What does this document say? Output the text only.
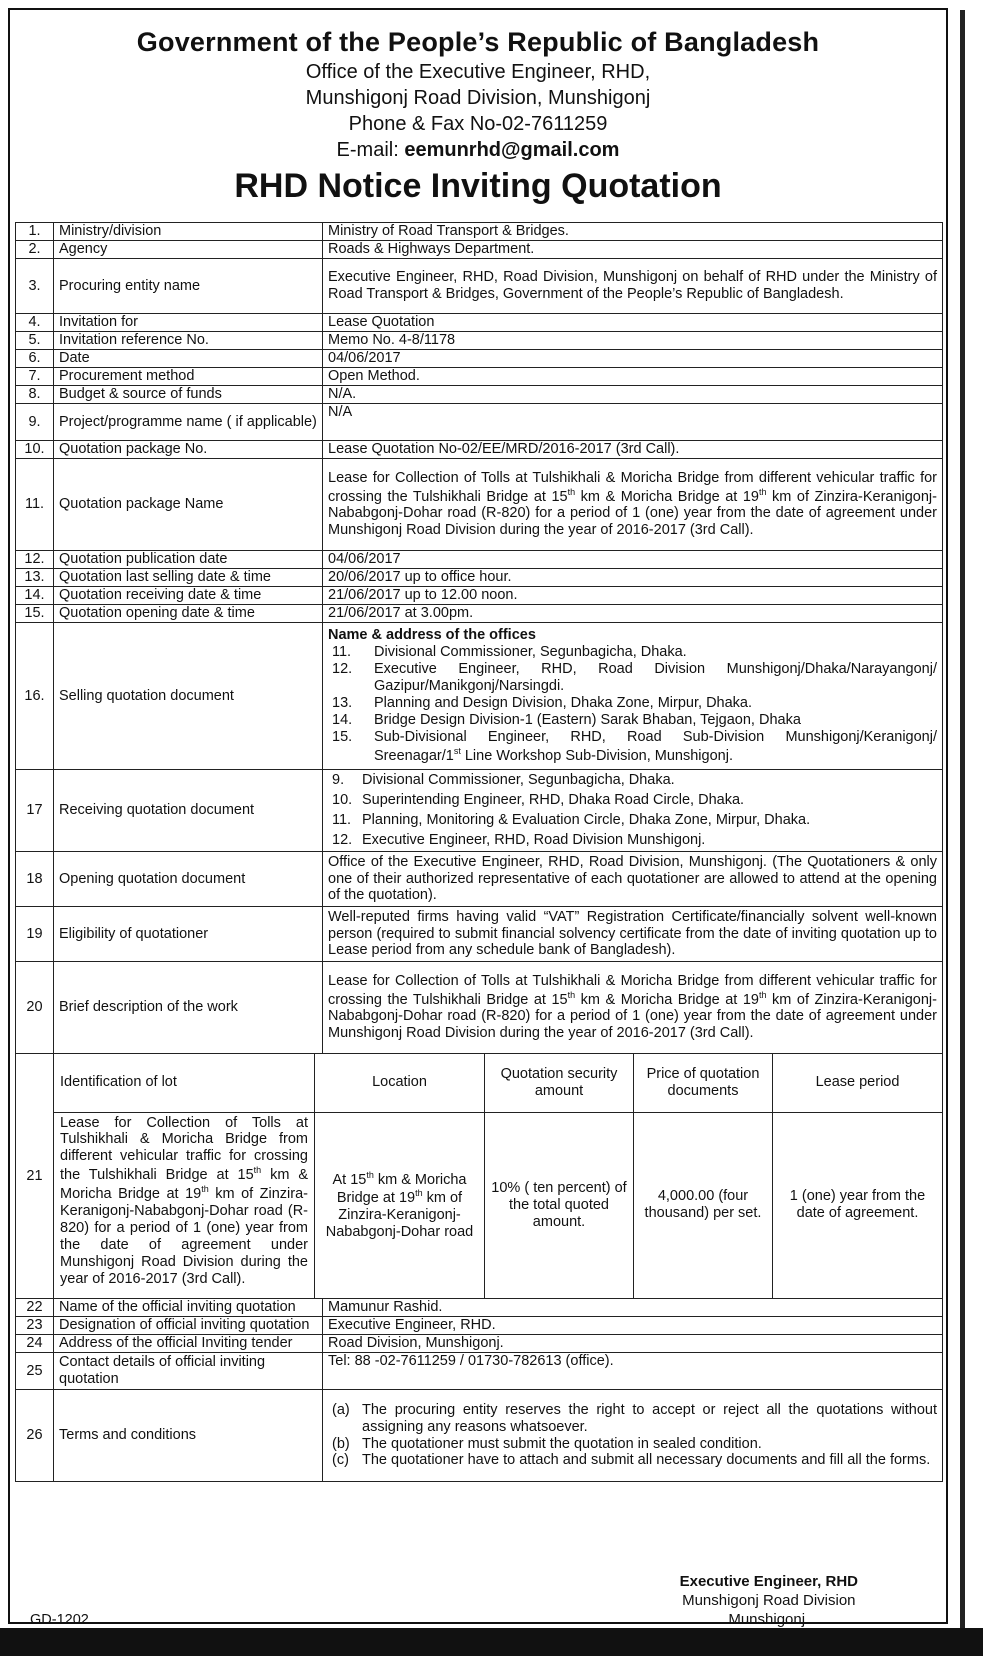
Government of the People’s Republic of Bangladesh
Office of the Executive Engineer, RHD,
Munshigonj Road Division, Munshigonj
Phone & Fax No-02-7611259
E-mail: eemunrhd@gmail.com
RHD Notice Inviting Quotation
1.	Ministry/division	Ministry of Road Transport & Bridges.
2.	Agency	Roads & Highways Department.
3.	Procuring entity name	Executive Engineer, RHD, Road Division, Munshigonj on behalf of RHD under the Ministry of Road Transport & Bridges, Government of the People’s Republic of Bangladesh.
4.	Invitation for	Lease Quotation
5.	Invitation reference No.	Memo No. 4-8/1178
6.	Date	04/06/2017
7.	Procurement method	Open Method.
8.	Budget & source of funds	N/A.
9.	Project/programme name ( if applicable)	N/A
10.	Quotation package No.	Lease Quotation No-02/EE/MRD/2016-2017 (3rd Call).
11.	Quotation package Name	Lease for Collection of Tolls at Tulshikhali & Moricha Bridge from different vehicular traffic for crossing the Tulshikhali Bridge at 15th km & Moricha Bridge at 19th km of Zinzira-Keranigonj-Nababgonj-Dohar road (R-820) for a period of 1 (one) year from the date of agreement under Munshigonj Road Division during the year of 2016-2017 (3rd Call).
12.	Quotation publication date	04/06/2017
13.	Quotation last selling date & time	20/06/2017 up to office hour.
14.	Quotation receiving date & time	21/06/2017 up to 12.00 noon.
15.	Quotation opening date & time	21/06/2017 at 3.00pm.
16.	Selling quotation document	
Name & address of the offices
11.	Divisional Commissioner, Segunbagicha, Dhaka.
12.	Executive Engineer, RHD, Road Division Munshigonj/Dhaka/Narayangonj/ Gazipur/Manikgonj/Narsingdi.
13.	Planning and Design Division, Dhaka Zone, Mirpur, Dhaka.
14.	Bridge Design Division-1 (Eastern) Sarak Bhaban, Tejgaon, Dhaka
15.	Sub-Divisional Engineer, RHD, Road Sub-Division Munshigonj/Keranigonj/ Sreenagar/1st Line Workshop Sub-Division, Munshigonj.

17	Receiving quotation document	
9.	Divisional Commissioner, Segunbagicha, Dhaka.
10. Superintending Engineer, RHD, Dhaka Road Circle, Dhaka.
11. Planning, Monitoring & Evaluation Circle, Dhaka Zone, Mirpur, Dhaka.
12. Executive Engineer, RHD, Road Division Munshigonj.

18	Opening quotation document	Office of the Executive Engineer, RHD, Road Division, Munshigonj. (The Quotationers & only one of their authorized representative of each quotationer are allowed to attend at the opening of the quotation).
19	Eligibility of quotationer	Well-reputed firms having valid “VAT” Registration Certificate/financially solvent well-known person (required to submit financial solvency certificate from the date of inviting quotation up to Lease period from any schedule bank of Bangladesh).
20	Brief description of the work	Lease for Collection of Tolls at Tulshikhali & Moricha Bridge from different vehicular traffic for crossing the Tulshikhali Bridge at 15th km & Moricha Bridge at 19th km of Zinzira-Keranigonj-Nababgonj-Dohar road (R-820) for a period of 1 (one) year from the date of agreement under Munshigonj Road Division during the year of 2016-2017 (3rd Call).
21	
Identification of lot	Location	Quotation security amount	Price of quotation documents	Lease period
Lease for Collection of Tolls at Tulshikhali & Moricha Bridge from different vehicular traffic for crossing the Tulshikhali Bridge at 15th km & Moricha Bridge at 19th km of Zinzira-Keranigonj-Nababgonj-Dohar road (R-820) for a period of 1 (one) year from the date of agreement under Munshigonj Road Division during the year of 2016-2017 (3rd Call).	At 15th km & Moricha Bridge at 19th km of Zinzira-Keranigonj-Nababgonj-Dohar road	10% ( ten percent) of the total quoted amount.	4,000.00 (four thousand) per set.	1 (one) year from the date of agreement.

22	Name of the official inviting quotation	Mamunur Rashid.
23	Designation of official inviting quotation	Executive Engineer, RHD.
24	Address of the official Inviting tender	Road Division, Munshigonj.
25	Contact details of official inviting quotation	Tel: 88 -02-7611259 / 01730-782613 (office).
26	Terms and conditions	
(a) The procuring entity reserves the right to accept or reject all the quotations without assigning any reasons whatsoever.
(b) The quotationer must submit the quotation in sealed condition.
(c) The quotationer have to attach and submit all necessary documents and fill all the forms.
Executive Engineer, RHD
Munshigonj Road Division
Munshigonj.
GD-1202
